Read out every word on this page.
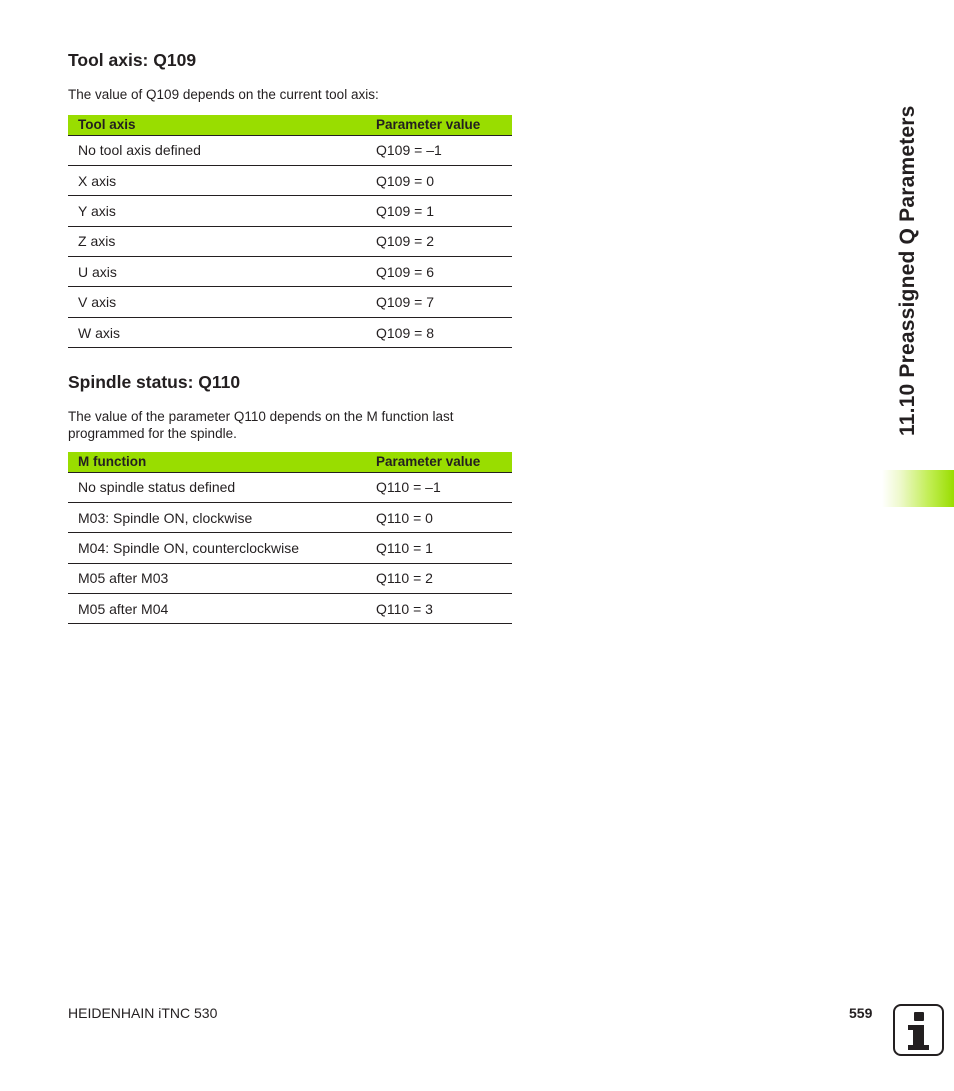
Tool axis: Q109
The value of Q109 depends on the current tool axis:
Tool axis	Parameter value
No tool axis defined	Q109 = –1
X axis	Q109 = 0
Y axis	Q109 = 1
Z axis	Q109 = 2
U axis	Q109 = 6
V axis	Q109 = 7
W axis	Q109 = 8
Spindle status: Q110
The value of the parameter Q110 depends on the M function last programmed for the spindle.
M function	Parameter value
No spindle status defined	Q110 = –1
M03: Spindle ON, clockwise	Q110 = 0
M04: Spindle ON, counterclockwise	Q110 = 1
M05 after M03	Q110 = 2
M05 after M04	Q110 = 3
11.10 Preassigned Q Parameters
HEIDENHAIN iTNC 530	559
